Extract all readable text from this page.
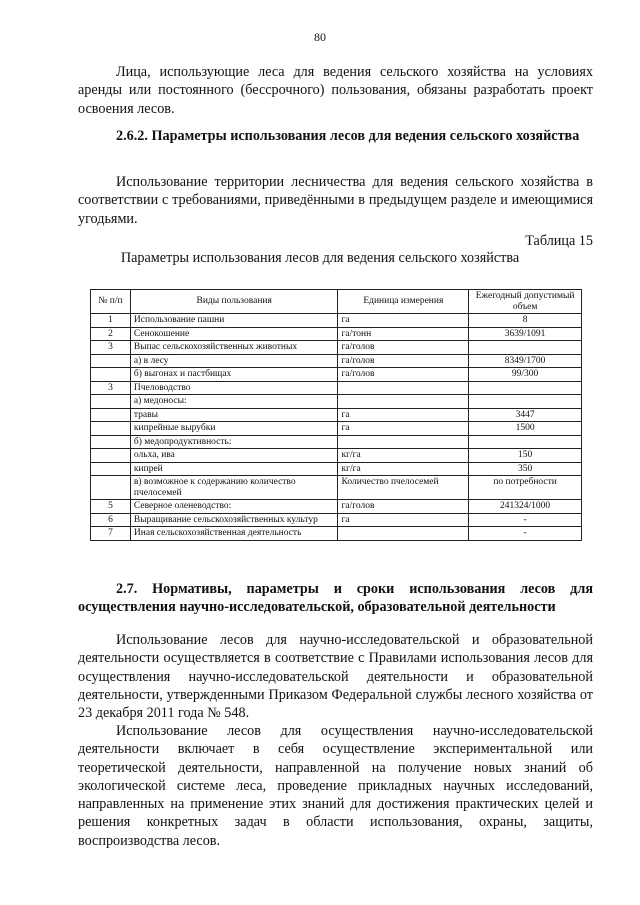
80

Лица, использующие леса для ведения сельского хозяйства на условиях аренды или постоянного (бессрочного) пользования, обязаны разработать проект освоения лесов.

2.6.2. Параметры использования лесов для ведения сельского хозяйства

Использование территории лесничества для ведения сельского хозяйства в соответствии с требованиями, приведёнными в предыдущем разделе и имеющимися угодьями.

Таблица 15
Параметры использования лесов для ведения сельского хозяйства
№ п/п	Виды пользования	Единица измерения	Ежегодный допустимый объем
1	Использование пашни	га	8
2	Сенокошение	га/тонн	3639/1091
3	Выпас сельскохозяйственных животных	га/голов	
	а) в лесу	га/голов	8349/1700
	б) выгонах и пастбищах	га/голов	99/300
3	Пчеловодство		
	а) медоносы:		
	травы	га	3447
	кипрейные вырубки	га	1500
	б) медопродуктивность:		
	ольха, ива	кг/га	150
	кипрей	кг/га	350
	в) возможное к содержанию количество пчелосемей	Количество пчелосемей	по потребности
5	Северное оленеводство:	га/голов	241324/1000
6	Выращивание сельскохозяйственных культур	га	-
7	Иная сельскохозяйственная деятельность		-

2.7. Нормативы, параметры и сроки использования лесов для осуществления научно-исследовательской, образовательной деятельности

Использование лесов для научно-исследовательской и образовательной деятельности осуществляется в соответствие с Правилами использования лесов для осуществления научно-исследовательской деятельности и образовательной деятельности, утвержденными Приказом Федеральной службы лесного хозяйства от 23 декабря 2011 года № 548.

Использование лесов для осуществления научно-исследовательской деятельности включает в себя осуществление экспериментальной или теоретической деятельности, направленной на получение новых знаний об экологической системе леса, проведение прикладных научных исследований, направленных на применение этих знаний для достижения практических целей и решения конкретных задач в области использования, охраны, защиты, воспроизводства лесов.
